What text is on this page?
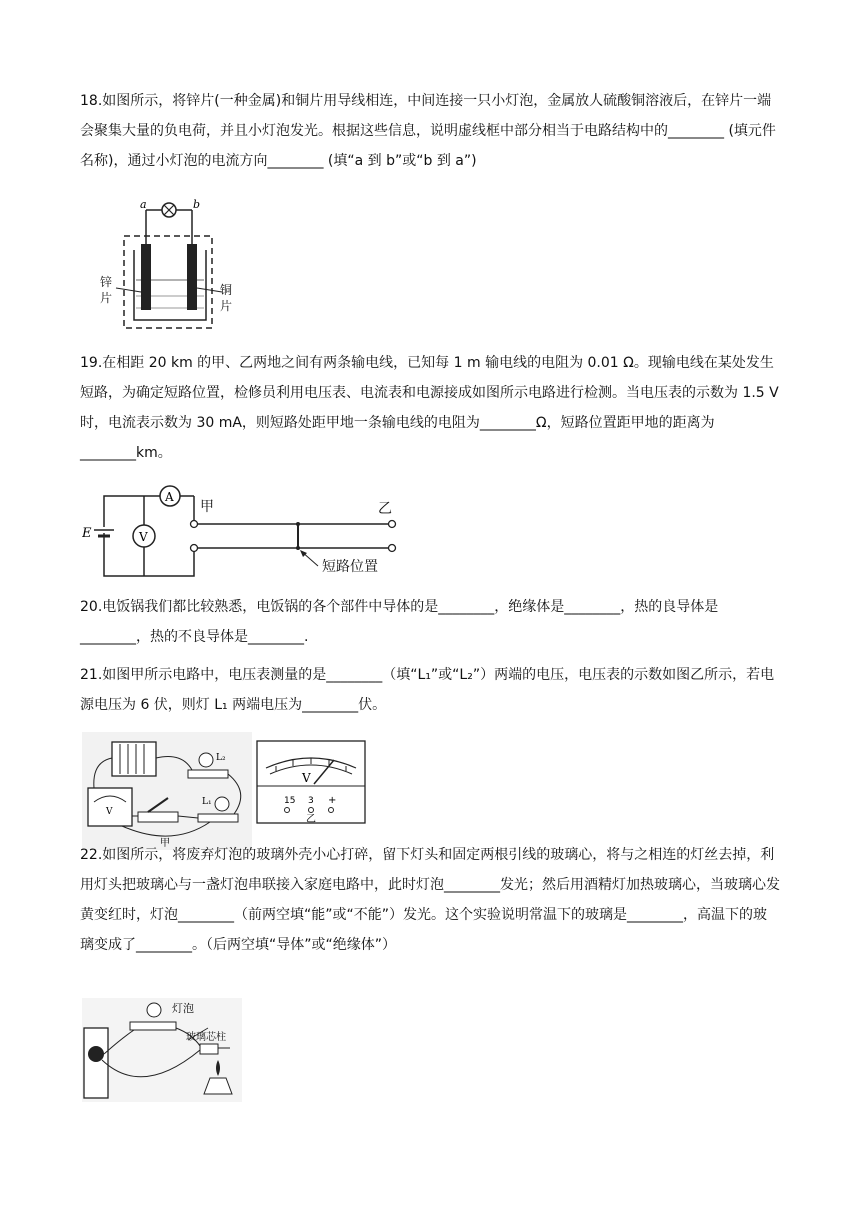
18.如图所示，将锌片(一种金属)和铜片用导线相连，中间连接一只小灯泡，金属放人硫酸铜溶液后，在锌片一端会聚集大量的负电荷，并且小灯泡发光。根据这些信息，说明虚线框中部分相当于电路结构中的________ (填元件名称)，通过小灯泡的电流方向________ (填“a 到 b”或“b 到 a”)

a	b
锌片
铜片

19.在相距 20 km 的甲、乙两地之间有两条输电线，已知每 1 m 输电线的电阻为 0.01 Ω。现输电线在某处发生短路，为确定短路位置，检修员利用电压表、电流表和电源接成如图所示电路进行检测。当电压表的示数为 1.5 V 时，电流表示数为 30 mA，则短路处距甲地一条输电线的电阻为________Ω，短路位置距甲地的距离为________km。

E	V
A
甲	乙
短路位置

20.电饭锅我们都比较熟悉，电饭锅的各个部件中导体的是________，绝缘体是________，热的良导体是________，热的不良导体是________.

21.如图甲所示电路中，电压表测量的是________（填“L₁”或“L₂”）两端的电压，电压表的示数如图乙所示，若电源电压为 6 伏，则灯 L₁ 两端电压为________伏。

V
L₂
L₁
甲
V
15 3 +
乙

22.如图所示，将废弃灯泡的玻璃外壳小心打碎，留下灯头和固定两根引线的玻璃心，将与之相连的灯丝去掉，利用灯头把玻璃心与一盏灯泡串联接入家庭电路中，此时灯泡________发光；然后用酒精灯加热玻璃心，当玻璃心发黄变红时，灯泡________（前两空填“能”或“不能”）发光。这个实验说明常温下的玻璃是________，高温下的玻璃变成了________。（后两空填“导体”或“绝缘体”）

灯泡
玻璃芯柱
